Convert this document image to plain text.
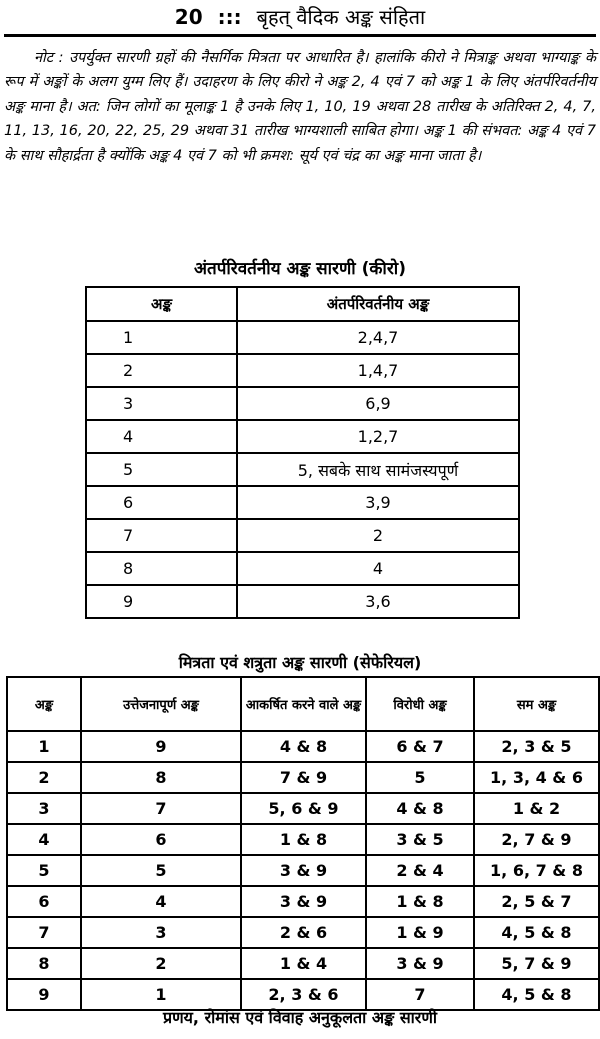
20 ::: बृहत् वैदिक अङ्क संहिता

नोट : उपर्युक्त सारणी ग्रहों की नैसर्गिक मित्रता पर आधारित है। हालांकि कीरो ने मित्राङ्क अथवा भाग्याङ्क के रूप में अङ्कों के अलग युग्म लिए हैं। उदाहरण के लिए कीरो ने अङ्क 2, 4 एवं 7 को अङ्क 1 के लिए अंतर्परिवर्तनीय अङ्क माना है। अत: जिन लोगों का मूलाङ्क 1 है उनके लिए 1, 10, 19 अथवा 28 तारीख के अतिरिक्त 2, 4, 7, 11, 13, 16, 20, 22, 25, 29 अथवा 31 तारीख भाग्यशाली साबित होगा। अङ्क 1 की संभवत: अङ्क 4 एवं 7 के साथ सौहार्द्रता है क्योंकि अङ्क 4 एवं 7 को भी क्रमश: सूर्य एवं चंद्र का अङ्क माना जाता है।

अंतर्परिवर्तनीय अङ्क सारणी (कीरो)
अङ्क	अंतर्परिवर्तनीय अङ्क
1	2,4,7
2	1,4,7
3	6,9
4	1,2,7
5	5, सबके साथ सामंजस्यपूर्ण
6	3,9
7	2
8	4
9	3,6
मित्रता एवं शत्रुता अङ्क सारणी (सेफेरियल)
अङ्क	उत्तेजनापूर्ण अङ्क	आकर्षित करने वाले अङ्क	विरोधी अङ्क	सम अङ्क
1	9	4 & 8	6 & 7	2, 3 & 5
2	8	7 & 9	5	1, 3, 4 & 6
3	7	5, 6 & 9	4 & 8	1 & 2
4	6	1 & 8	3 & 5	2, 7 & 9
5	5	3 & 9	2 & 4	1, 6, 7 & 8
6	4	3 & 9	1 & 8	2, 5 & 7
7	3	2 & 6	1 & 9	4, 5 & 8
8	2	1 & 4	3 & 9	5, 7 & 9
9	1	2, 3 & 6	7	4, 5 & 8
प्रणय, रोमांस एवं विवाह अनुकूलता अङ्क सारणी
